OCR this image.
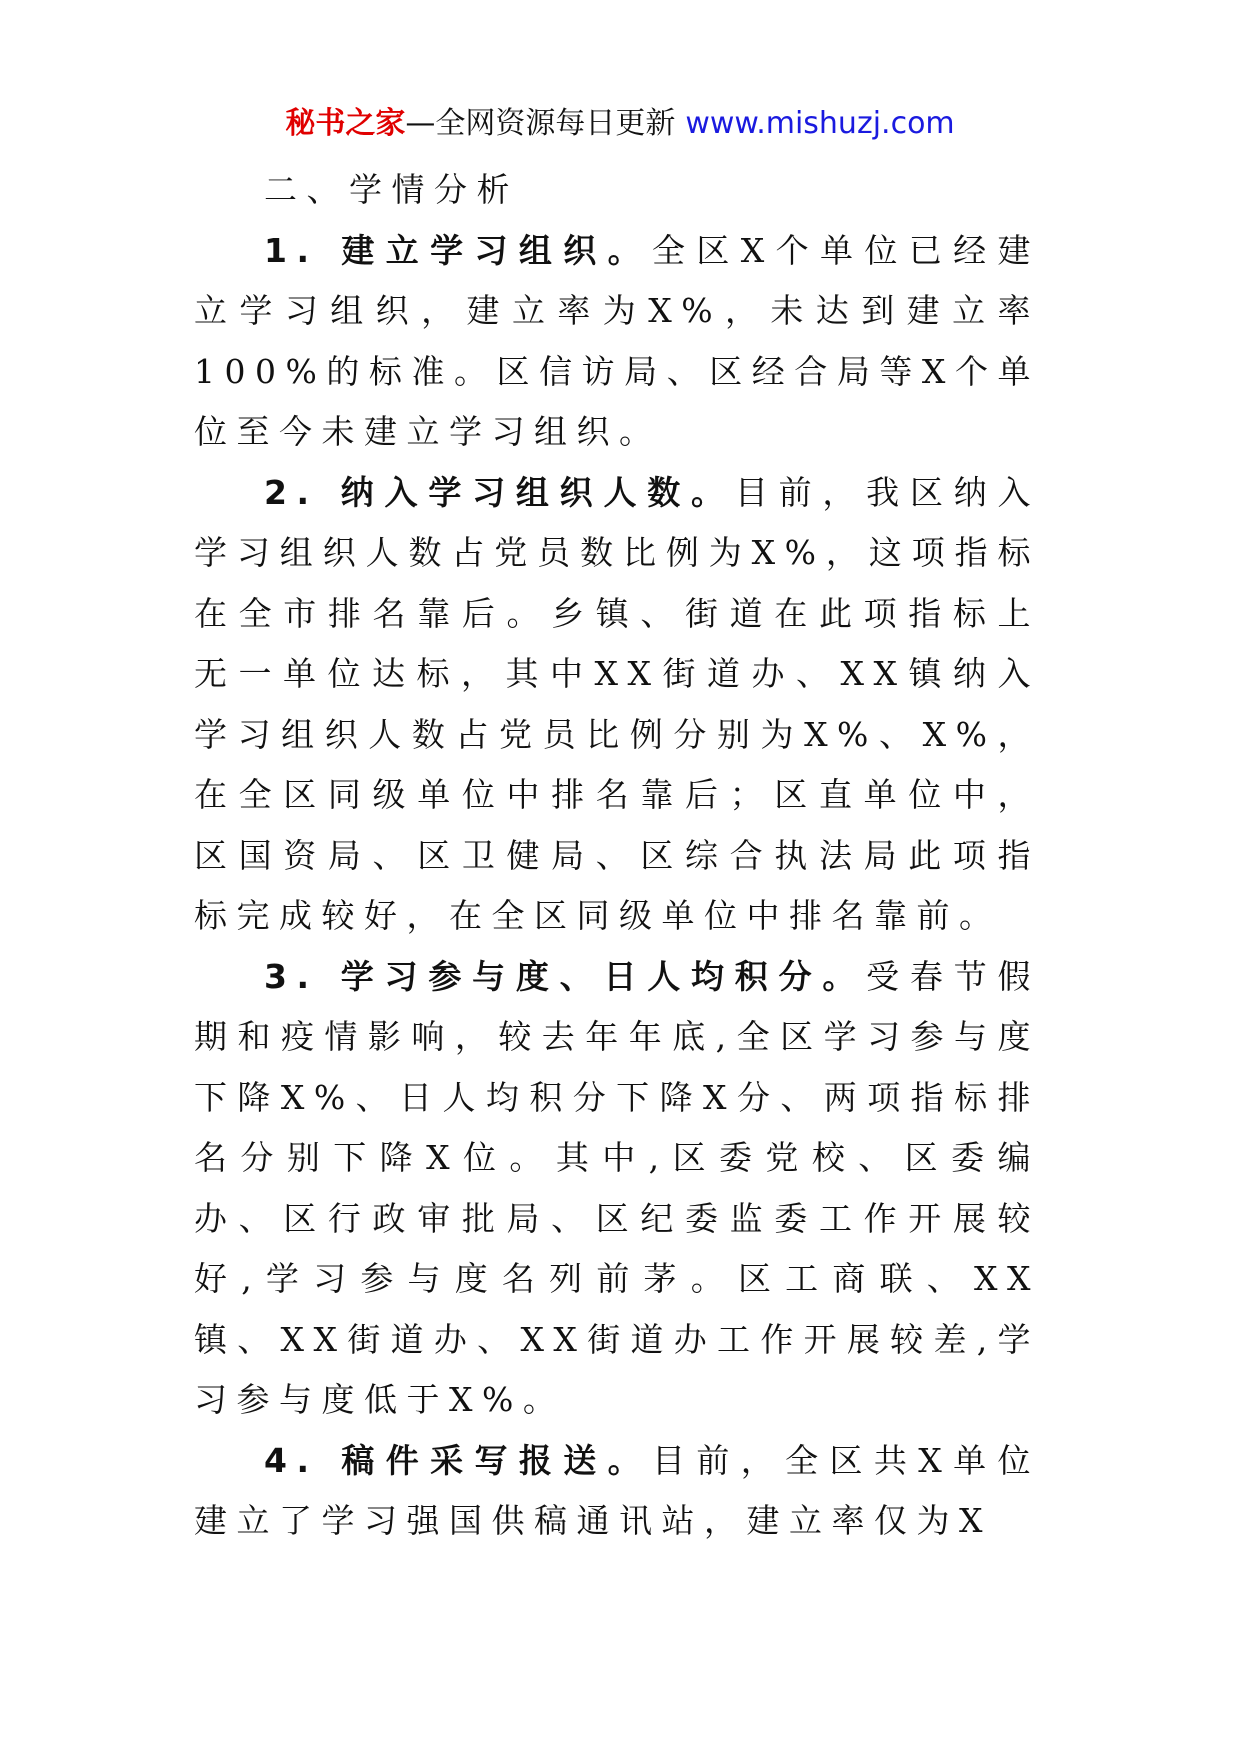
秘书之家—全网资源每日更新 www.mishuzj.com

二、学情分析

1. 建立学习组织。全区X个单位已经建立学习组织，建立率为X%，未达到建立率100%的标准。区信访局、区经合局等X个单位至今未建立学习组织。

2. 纳入学习组织人数。目前，我区纳入学习组织人数占党员数比例为X%，这项指标在全市排名靠后。乡镇、街道在此项指标上无一单位达标，其中XX街道办、XX镇纳入学习组织人数占党员比例分别为X%、X%，在全区同级单位中排名靠后；区直单位中，区国资局、区卫健局、区综合执法局此项指标完成较好，在全区同级单位中排名靠前。

3. 学习参与度、日人均积分。受春节假期和疫情影响，较去年年底,全区学习参与度下降X%、日人均积分下降X分、两项指标排名分别下降X位。其中,区委党校、区委编办、区行政审批局、区纪委监委工作开展较好,学习参与度名列前茅。区工商联、XX镇、XX街道办、XX街道办工作开展较差,学习参与度低于X%。

4. 稿件采写报送。目前，全区共X单位建立了学习强国供稿通讯站，建立率仅为X
